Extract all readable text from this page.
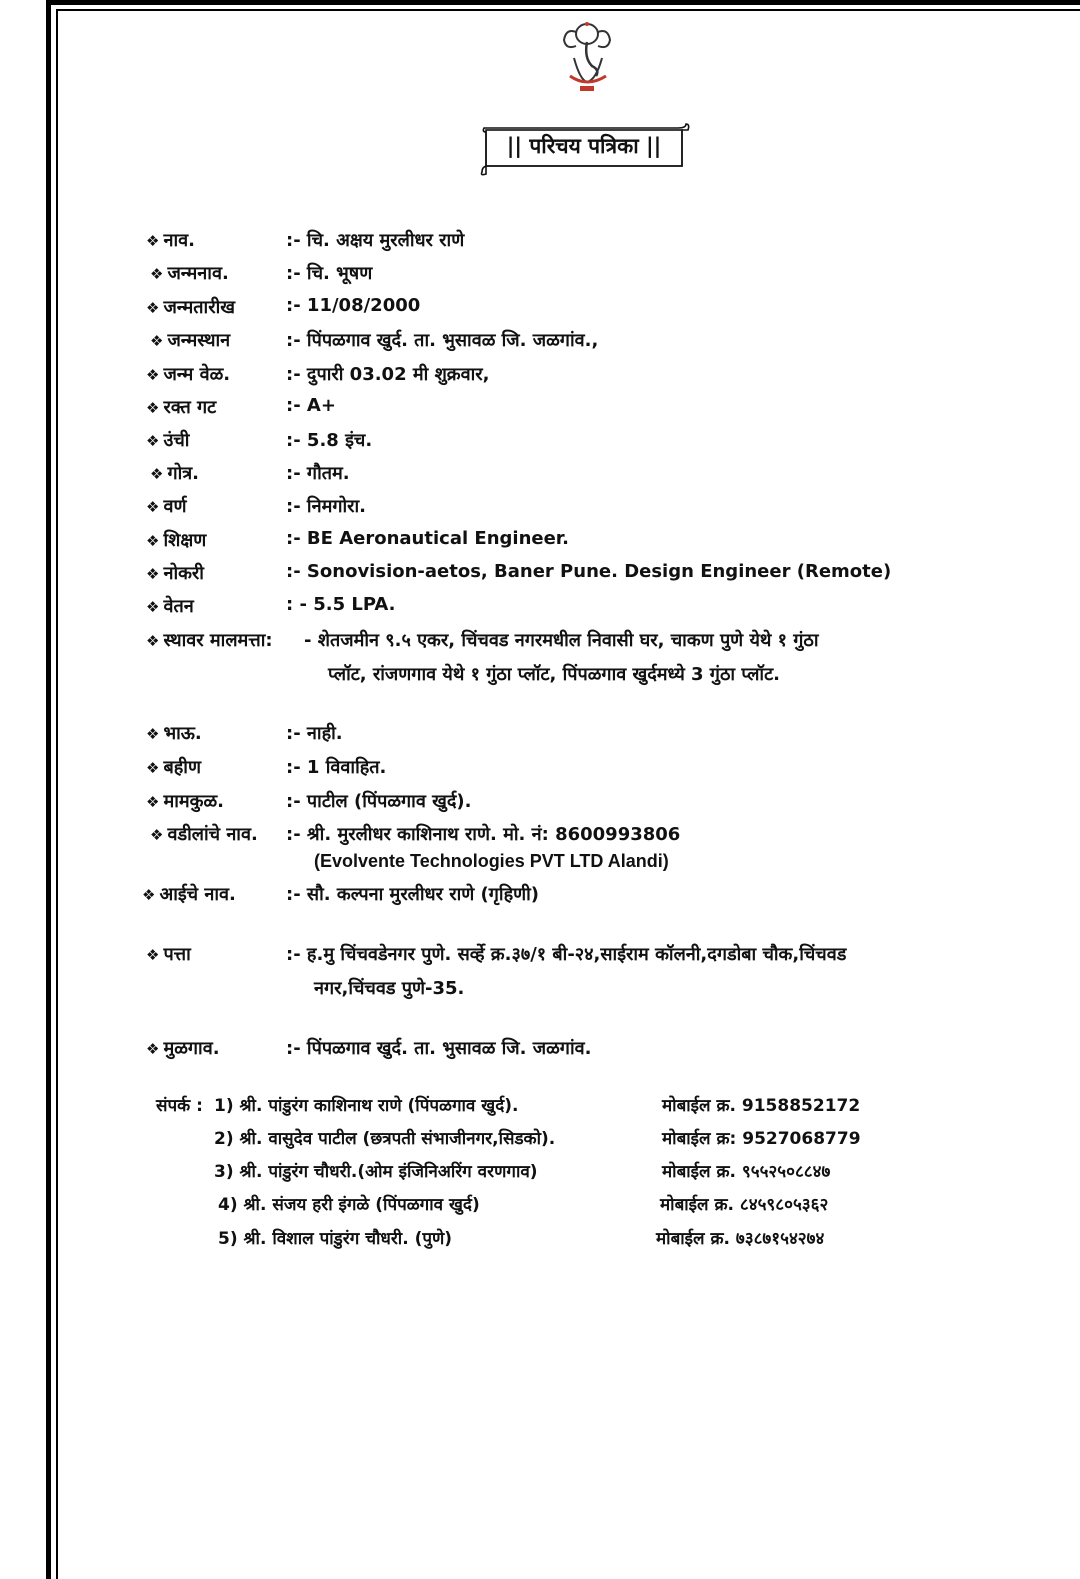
|| परिचय पत्रिका ||
❖ नाव.	:- चि. अक्षय मुरलीधर राणे
❖ जन्मनाव.	:- चि. भूषण
❖ जन्मतारीख	:- 11/08/2000
❖ जन्मस्थान	:- पिंपळगाव खुर्द. ता. भुसावळ जि. जळगांव.,
❖ जन्म वेळ.	:- दुपारी 03.02 मी शुक्रवार,
❖ रक्त गट	:- A+
❖ उंची	:- 5.8 इंच.
❖ गोत्र.	:- गौतम.
❖ वर्ण	:- निमगोरा.
❖ शिक्षण	:- BE Aeronautical Engineer.
❖ नोकरी	:- Sonovision-aetos, Baner Pune. Design Engineer (Remote)
❖ वेतन	: - 5.5 LPA.
❖ स्थावर मालमत्ता: - शेतजमीन ९.५ एकर, चिंचवड नगरमधील निवासी घर, चाकण पुणे येथे १ गुंठा
प्लॉट, रांजणगाव येथे १ गुंठा प्लॉट, पिंपळगाव खुर्दमध्ये 3 गुंठा प्लॉट.
❖ भाऊ.	:- नाही.
❖ बहीण	:- 1 विवाहित.
❖ मामकुळ.	:- पाटील (पिंपळगाव खुर्द).
❖ वडीलांचे नाव. :- श्री. मुरलीधर काशिनाथ राणे. मो. नं: 8600993806
(Evolvente Technologies PVT LTD Alandi)
❖ आईचे नाव.	:- सौ. कल्पना मुरलीधर राणे (गृहिणी)
❖ पत्ता	:- ह.मु चिंचवडेनगर पुणे. सर्व्हे क्र.३७/१ बी-२४,साईराम कॉलनी,दगडोबा चौक,चिंचवड
नगर,चिंचवड पुणे-35.
❖ मुळगाव.	:- पिंपळगाव खुर्द. ता. भुसावळ जि. जळगांव.
संपर्क : 1) श्री. पांडुरंग काशिनाथ राणे (पिंपळगाव खुर्द).	मोबाईल क्र. 9158852172
2) श्री. वासुदेव पाटील (छत्रपती संभाजीनगर,सिडको).	मोबाईल क्र: 9527068779
3) श्री. पांडुरंग चौधरी.(ओम इंजिनिअरिंग वरणगाव)	मोबाईल क्र. ९५५२५०८८४७
4) श्री. संजय हरी इंगळे (पिंपळगाव खुर्द)	मोबाईल क्र. ८४५९८०५३६२
5) श्री. विशाल पांडुरंग चौधरी. (पुणे)	मोबाईल क्र. ७३८७१५४२७४
